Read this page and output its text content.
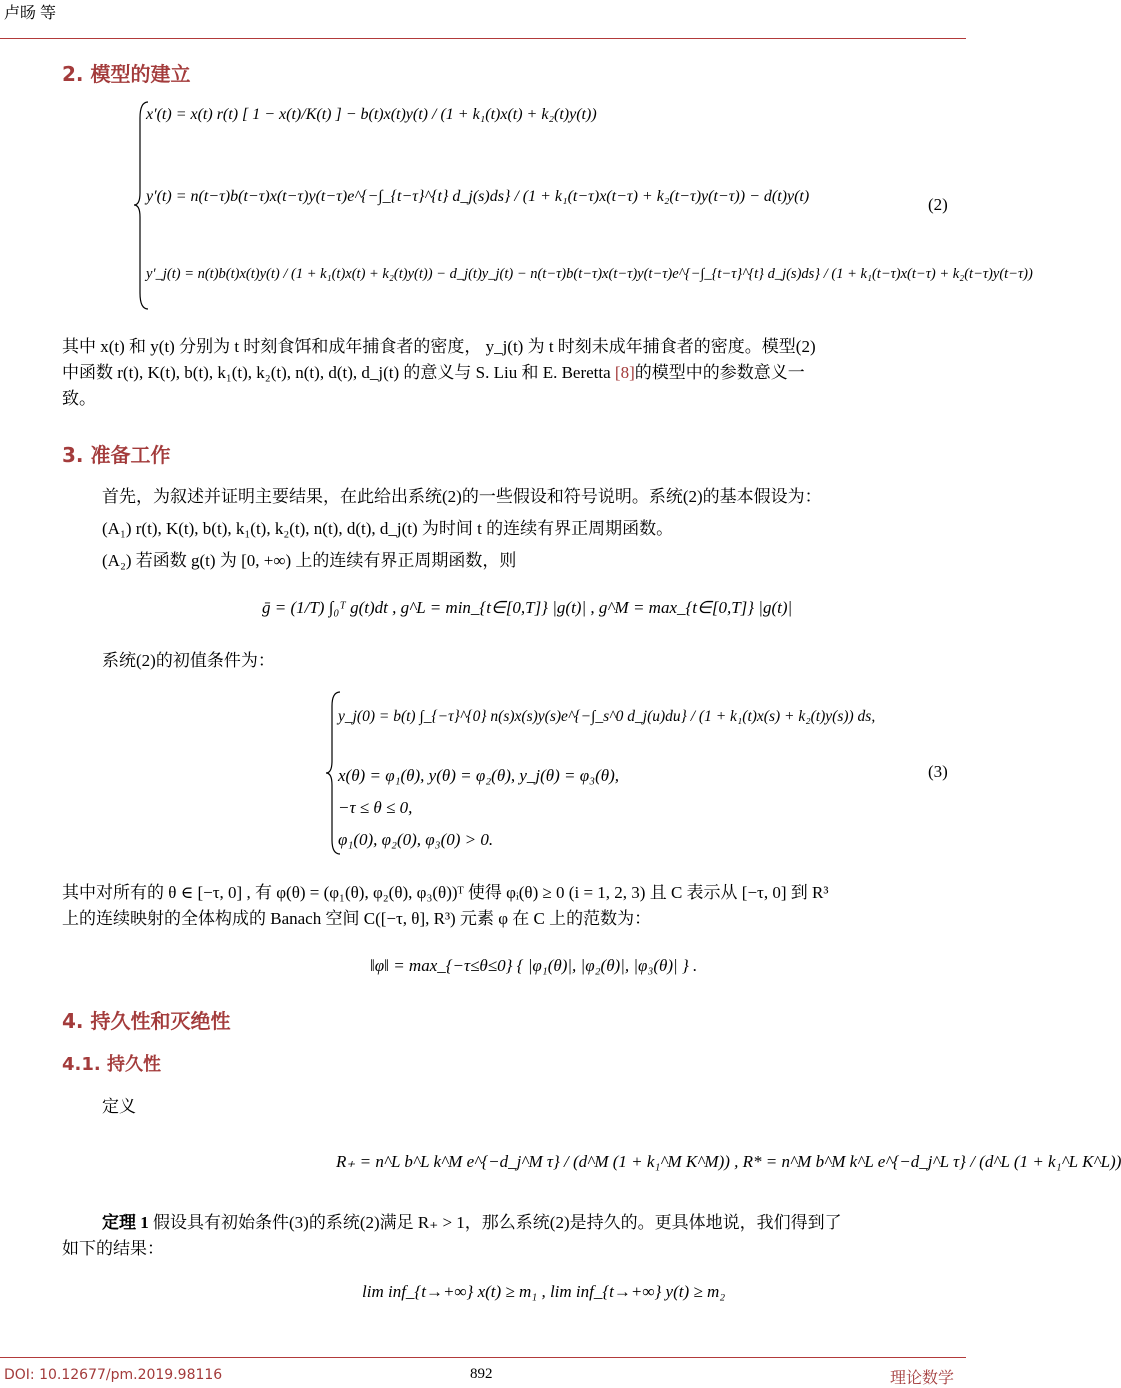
卢旸 等
2. 模型的建立
x′(t) = x(t) r(t) [ 1 − x(t)/K(t) ] − b(t)x(t)y(t) / (1 + k₁(t)x(t) + k₂(t)y(t))
y′(t) = n(t−τ)b(t−τ)x(t−τ)y(t−τ)e^{−∫_{t−τ}^{t} d_j(s)ds} / (1 + k₁(t−τ)x(t−τ) + k₂(t−τ)y(t−τ)) − d(t)y(t)
y′_j(t) = n(t)b(t)x(t)y(t) / (1 + k₁(t)x(t) + k₂(t)y(t)) − d_j(t)y_j(t) − n(t−τ)b(t−τ)x(t−τ)y(t−τ)e^{−∫_{t−τ}^{t} d_j(s)ds} / (1 + k₁(t−τ)x(t−τ) + k₂(t−τ)y(t−τ))
(2)
其中 x(t) 和 y(t) 分别为 t 时刻食饵和成年捕食者的密度， y_j(t) 为 t 时刻未成年捕食者的密度。模型(2)
中函数 r(t), K(t), b(t), k₁(t), k₂(t), n(t), d(t), d_j(t) 的意义与 S. Liu 和 E. Beretta [8]的模型中的参数意义一
致。
3. 准备工作
首先，为叙述并证明主要结果，在此给出系统(2)的一些假设和符号说明。系统(2)的基本假设为：
(A₁) r(t), K(t), b(t), k₁(t), k₂(t), n(t), d(t), d_j(t) 为时间 t 的连续有界正周期函数。
(A₂) 若函数 g(t) 为 [0, +∞) 上的连续有界正周期函数，则
ḡ = (1/T) ∫₀ᵀ g(t)dt , g^L = min_{t∈[0,T]} |g(t)| , g^M = max_{t∈[0,T]} |g(t)|
系统(2)的初值条件为：
y_j(0) = b(t) ∫_{−τ}^{0} n(s)x(s)y(s)e^{−∫_s^0 d_j(u)du} / (1 + k₁(t)x(s) + k₂(t)y(s)) ds,
x(θ) = φ₁(θ), y(θ) = φ₂(θ), y_j(θ) = φ₃(θ),
−τ ≤ θ ≤ 0,
φ₁(0), φ₂(0), φ₃(0) > 0.
(3)
其中对所有的 θ ∈ [−τ, 0] , 有 φ(θ) = (φ₁(θ), φ₂(θ), φ₃(θ))ᵀ 使得 φᵢ(θ) ≥ 0 (i = 1, 2, 3) 且 C 表示从 [−τ, 0] 到 R³
上的连续映射的全体构成的 Banach 空间 C([−τ, θ], R³) 元素 φ 在 C 上的范数为：
‖φ‖ = max_{−τ≤θ≤0} { |φ₁(θ)|, |φ₂(θ)|, |φ₃(θ)| } .
4. 持久性和灭绝性
4.1. 持久性
定义
R₊ = n^L b^L k^M e^{−d_j^M τ} / (d^M (1 + k₁^M K^M)) , R* = n^M b^M k^L e^{−d_j^L τ} / (d^L (1 + k₁^L K^L))
定理 1 假设具有初始条件(3)的系统(2)满足 R₊ > 1，那么系统(2)是持久的。更具体地说，我们得到了
如下的结果：
lim inf_{t→+∞} x(t) ≥ m₁ , lim inf_{t→+∞} y(t) ≥ m₂
DOI: 10.12677/pm.2019.98116	892	理论数学
